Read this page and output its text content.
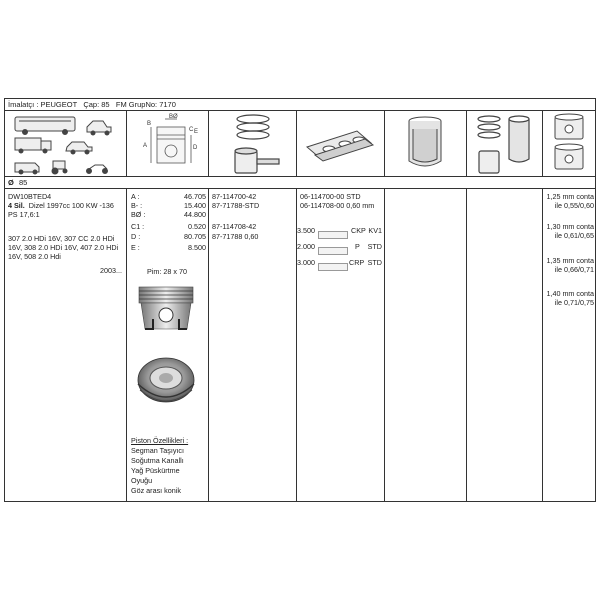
İmalatçı : PEUGEOT Çap: 85 FM GrupNo: 7170
BØ
B
A
C E
D
Ø 85
DW10BTED4
4 Sil. Dizel 1997cc 100 KW -136
PS 17,6:1
307 2.0 HDi 16V, 307 CC 2.0 HDi
16V, 308 2.0 HDi 16V, 407 2.0 HDi
16V, 508 2.0 Hdi
2003...
A :	46.705
B- :	15.400
BØ :	44.800
C1 :	0.520
D :	80.705
E :	8.500
Pim: 28 x 70
Piston Özellikleri :
Segman Taşıyıcı
Soğutma Kanallı
Yağ Püskürtme
Oyuğu
Göz arası konik
87-114700-42
87-71788-STD
87-114708-42
87-71788 0,60
06-114700-00 STD
06-114708-00 0,60 mm
3.500	CKP KV1
2.000	P STD
3.000	CRP STD
1,25 mm conta
ile 0,55/0,60
1,30 mm conta
ile 0,61/0,65
1,35 mm conta
ile 0,66/0,71
1,40 mm conta
ile 0,71/0,75
